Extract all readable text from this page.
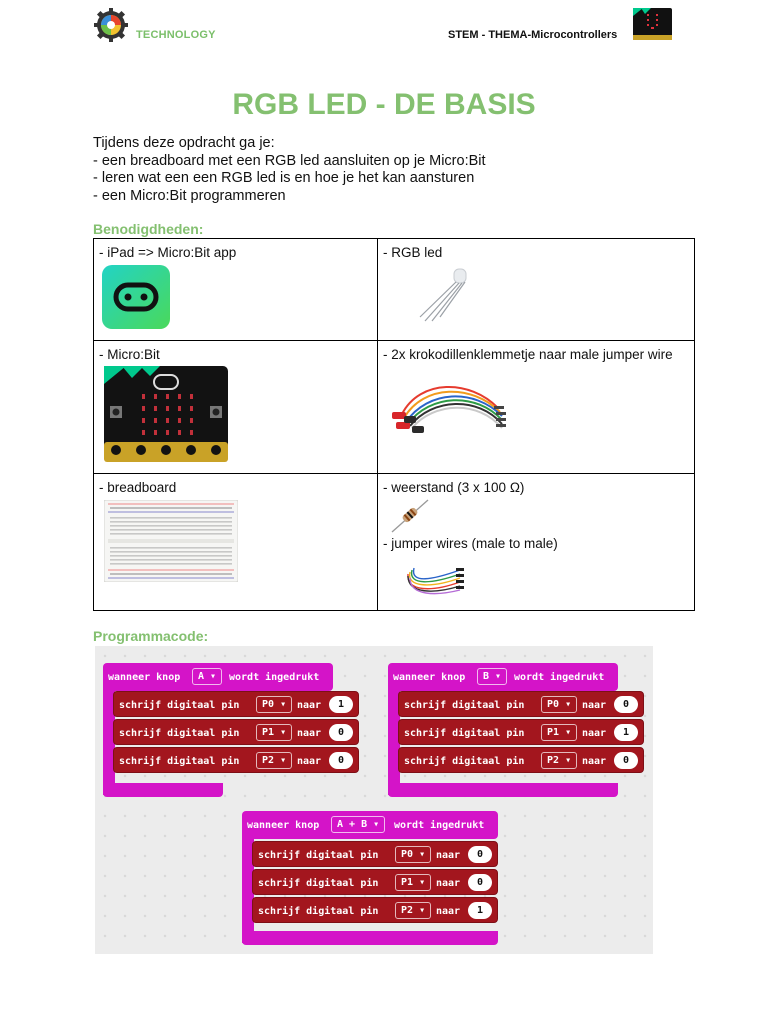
TECHNOLOGY	STEM - THEMA-Microcontrollers
RGB LED - DE BASIS
Tijdens deze opdracht ga je:
- een breadboard met een RGB led aansluiten op je Micro:Bit
- leren wat een een RGB led is en hoe je het kan aansturen
- een Micro:Bit programmeren
Benodigdheden:
- iPad => Micro:Bit app	- RGB led

- Micro:Bit	- 2x krokodillenklemmetje naar male jumper wire

- breadboard	- weerstand (3 x 100 Ω)
- jumper wires (male to male)
Programmacode:
wanneer knop	A ▾	wordt ingedrukt
schrijf digitaal pin	P0 ▾	naar	1
schrijf digitaal pin	P1 ▾	naar	0
schrijf digitaal pin	P2 ▾	naar	0
wanneer knop	B ▾	wordt ingedrukt
schrijf digitaal pin	P0 ▾	naar	0
schrijf digitaal pin	P1 ▾	naar	1
schrijf digitaal pin	P2 ▾	naar	0
wanneer knop	A + B ▾	wordt ingedrukt
schrijf digitaal pin	P0 ▾	naar	0
schrijf digitaal pin	P1 ▾	naar	0
schrijf digitaal pin	P2 ▾	naar	1
